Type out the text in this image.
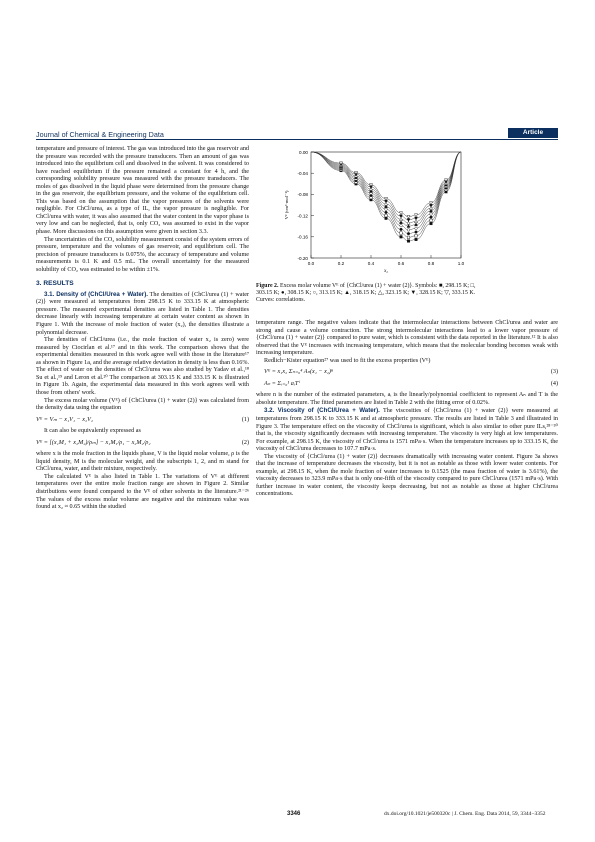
Journal of Chemical & Engineering Data	Article

temperature and pressure of interest. The gas was introduced into the gas reservoir and the pressure was recorded with the pressure transducers. Then an amount of gas was introduced into the equilibrium cell and dissolved in the solvent. It was considered to have reached equilibrium if the pressure remained a constant for 4 h, and the corresponding solubility pressure was measured with the pressure transducers. The moles of gas dissolved in the liquid phase were determined from the pressure change in the gas reservoir, the equilibrium pressure, and the volume of the equilibrium cell. This was based on the assumption that the vapor pressures of the solvents were negligible. For ChCl/urea, as a type of IL, the vapor pressure is negligible. For ChCl/urea with water, it was also assumed that the water content in the vapor phase is very low and can be neglected, that is, only CO₂ was assumed to exist in the vapor phase. More discussions on this assumption were given in section 3.3.

The uncertainties of the CO₂ solubility measurement consist of the system errors of pressure, temperature and the volumes of gas reservoir, and equilibrium cell. The precision of pressure transducers is 0.075%, the accuracy of temperature and volume measurements is 0.1 K and 0.5 mL. The overall uncertainty for the measured solubility of CO₂ was estimated to be within ±1%.

3. RESULTS

3.1. Density of (ChCl/Urea + Water). The densities of {ChCl/urea (1) + water (2)} were measured at temperatures from 298.15 K to 333.15 K at atmospheric pressure. The measured experimental densities are listed in Table 1. The densities decrease linearly with increasing temperature at certain water content as shown in Figure 1. With the increase of mole fraction of water (x₂), the densities illustrate a polynomial decrease.

The densities of ChCl/urea (i.e., the mole fraction of water x₂ is zero) were measured by Ciocirlan et al.¹⁷ and in this work. The comparison shows that the experimental densities measured in this work agree well with those in the literature¹⁷ as shown in Figure 1a, and the average relative deviation in density is less than 0.16%. The effect of water on the densities of ChCl/urea was also studied by Yadav et al.,¹⁸ Su et al.,¹⁹ and Leron et al.²⁰ The comparison at 303.15 K and 333.15 K is illustrated in Figure 1b. Again, the experimental data measured in this work agrees well with those from others' work.

The excess molar volume (Vᴱ) of {ChCl/urea (1) + water (2)} was calculated from the density data using the equation

Vᴱ = Vₘ − x₁V₁ − x₂V₂	(1)

It can also be equivalently expressed as

Vᴱ = [(x₁M₁ + x₂M₂)/ρₘ] − x₁M₁/ρ₁ − x₂M₂/ρ₂	(2)

where x is the mole fraction in the liquids phase, V is the liquid molar volume, ρ is the liquid density, M is the molecular weight, and the subscripts 1, 2, and m stand for ChCl/urea, water, and their mixture, respectively.

The calculated Vᴱ is also listed in Table 1. The variations of Vᴱ at different temperatures over the entire mole fraction range are shown in Figure 2. Similar distributions were found compared to the Vᴱ of other solvents in the literature.²¹⁻²⁶ The values of the excess molar volume are negative and the minimum value was found at x₂ ≈ 0.65 within the studied

0.00
-0.04
-0.08
-0.12
-0.16
-0.20
0.0	0.2	0.4	0.6	0.8	1.0
x₂
Vᴱ (cm³·mol⁻¹)
Figure 2. Excess molar volume Vᴱ of {ChCl/urea (1) + water (2)}. Symbols: ■, 298.15 K; □, 303.15 K; ●, 308.15 K; ○, 313.15 K; ▲, 318.15 K; △, 323.15 K; ▼, 328.15 K; ▽, 333.15 K. Curves: correlations.

temperature range. The negative values indicate that the intermolecular interactions between ChCl/urea and water are strong and cause a volume contraction. The strong intermolecular interactions lead to a lower vapor pressure of {ChCl/urea (1) + water (2)} compared to pure water, which is consistent with the data reported in the literature.¹² It is also observed that the Vᴱ increases with increasing temperature, which means that the molecular bonding becomes weak with increasing temperature.

Redlich−Kister equation²⁷ was used to fit the excess properties (Vᴱ)

Vᴱ = x₁x₂ Σₙ₌₀⁴ Aₙ(x₁ − x₂)ⁿ	(3)
Aₙ = Σᵢ₌₀¹ aᵢTⁱ	(4)

where n is the number of the estimated parameters, aᵢ is the linearly/polynomial coefficient to represent Aₙ and T is the absolute temperature. The fitted parameters are listed in Table 2 with the fitting error of 0.02%.

3.2. Viscosity of (ChCl/Urea + Water). The viscosities of {ChCl/urea (1) + water (2)} were measured at temperatures from 298.15 K to 333.15 K and at atmospheric pressure. The results are listed in Table 3 and illustrated in Figure 3. The temperature effect on the viscosity of ChCl/urea is significant, which is also similar to other pure ILs,²⁸⁻³⁰ that is, the viscosity significantly decreases with increasing temperature. The viscosity is very high at low temperatures. For example, at 298.15 K, the viscosity of ChCl/urea is 1571 mPa·s. When the temperature increases up to 333.15 K, the viscosity of ChCl/urea decreases to 107.7 mPa·s.

The viscosity of {ChCl/urea (1) + water (2)} decreases dramatically with increasing water content. Figure 3a shows that the increase of temperature decreases the viscosity, but it is not as notable as those with lower water contents. For example, at 298.15 K, when the mole fraction of water increases to 0.1525 (the mass fraction of water is 3.61%), the viscosity decreases to 323.9 mPa·s that is only one-fifth of the viscosity compared to pure ChCl/urea (1571 mPa·s). With further increase in water content, the viscosity keeps decreasing, but not as notable as those at higher ChCl/urea concentrations.

3346	dx.doi.org/10.1021/je500320c | J. Chem. Eng. Data 2014, 59, 3344−3352
